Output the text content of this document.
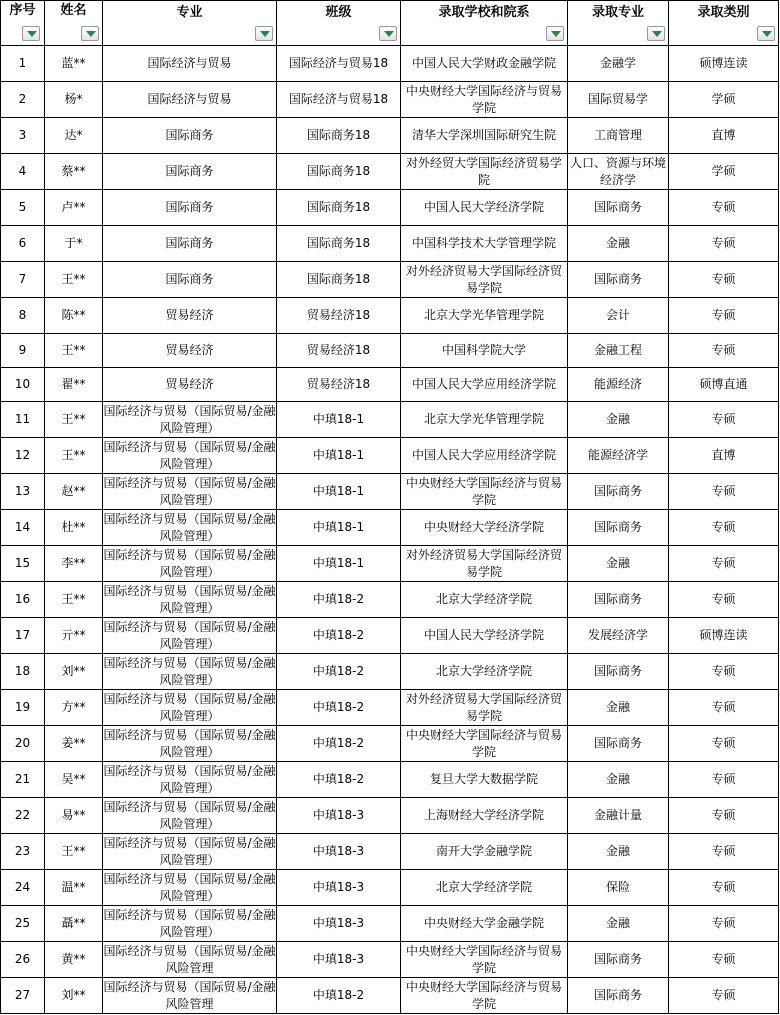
序号	姓名	专业	班级	录取学校和院系	录取专业	录取类别

1	蓝**	国际经济与贸易	国际经济与贸易18	中国人民大学财政金融学院	金融学	硕博连读
2	杨*	国际经济与贸易	国际经济与贸易18	中央财经大学国际经济与贸易学院	国际贸易学	学硕
3	达*	国际商务	国际商务18	清华大学深圳国际研究生院	工商管理	直博
4	蔡**	国际商务	国际商务18	对外经贸大学国际经济贸易学院	人口、资源与环境经济学	学硕
5	卢**	国际商务	国际商务18	中国人民大学经济学院	国际商务	专硕
6	于*	国际商务	国际商务18	中国科学技术大学管理学院	金融	专硕
7	王**	国际商务	国际商务18	对外经济贸易大学国际经济贸易学院	国际商务	专硕
8	陈**	贸易经济	贸易经济18	北京大学光华管理学院	会计	专硕
9	王**	贸易经济	贸易经济18	中国科学院大学	金融工程	专硕
10	翟**	贸易经济	贸易经济18	中国人民大学应用经济学院	能源经济	硕博直通
11	王**	国际经济与贸易（国际贸易/金融风险管理）	中瑱18-1	北京大学光华管理学院	金融	专硕
12	王**	国际经济与贸易（国际贸易/金融风险管理）	中瑱18-1	中国人民大学应用经济学院	能源经济学	直博
13	赵**	国际经济与贸易（国际贸易/金融风险管理）	中瑱18-1	中央财经大学国际经济与贸易学院	国际商务	专硕
14	杜**	国际经济与贸易（国际贸易/金融风险管理）	中瑱18-1	中央财经大学经济学院	国际商务	专硕
15	李**	国际经济与贸易（国际贸易/金融风险管理）	中瑱18-1	对外经济贸易大学国际经济贸易学院	金融	专硕
16	王**	国际经济与贸易（国际贸易/金融风险管理）	中瑱18-2	北京大学经济学院	国际商务	专硕
17	亓**	国际经济与贸易（国际贸易/金融风险管理）	中瑱18-2	中国人民大学经济学院	发展经济学	硕博连读
18	刘**	国际经济与贸易（国际贸易/金融风险管理）	中瑱18-2	北京大学经济学院	国际商务	专硕
19	方**	国际经济与贸易（国际贸易/金融风险管理）	中瑱18-2	对外经济贸易大学国际经济贸易学院	金融	专硕
20	姜**	国际经济与贸易（国际贸易/金融风险管理）	中瑱18-2	中央财经大学国际经济与贸易学院	国际商务	专硕
21	吴**	国际经济与贸易（国际贸易/金融风险管理）	中瑱18-2	复旦大学大数据学院	金融	专硕
22	易**	国际经济与贸易（国际贸易/金融风险管理）	中瑱18-3	上海财经大学经济学院	金融计量	专硕
23	王**	国际经济与贸易（国际贸易/金融风险管理）	中瑱18-3	南开大学金融学院	金融	专硕
24	温**	国际经济与贸易（国际贸易/金融风险管理）	中瑱18-3	北京大学经济学院	保险	专硕
25	聶**	国际经济与贸易（国际贸易/金融风险管理）	中瑱18-3	中央财经大学金融学院	金融	专硕
26	黄**	国际经济与贸易（国际贸易/金融风险管理	中瑱18-3	中央财经大学国际经济与贸易学院	国际商务	专硕
27	刘**	国际经济与贸易（国际贸易/金融风险管理	中瑱18-2	中央财经大学国际经济与贸易学院	国际商务	专硕
